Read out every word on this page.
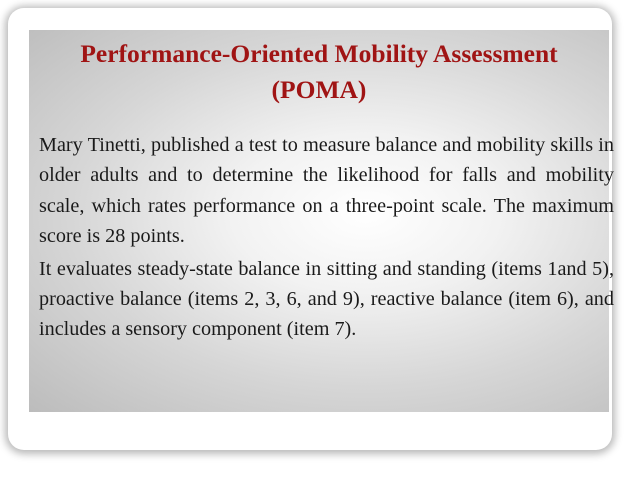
Performance-Oriented Mobility Assessment
(POMA)

Mary Tinetti, published a test to measure balance and mobility skills in older adults and to determine the likelihood for falls and mobility scale, which rates performance on a three-point scale. The maximum score is 28 points.

It evaluates steady-state balance in sitting and standing (items 1and 5), proactive balance (items 2, 3, 6, and 9), reactive balance (item 6), and includes a sensory component (item 7).
